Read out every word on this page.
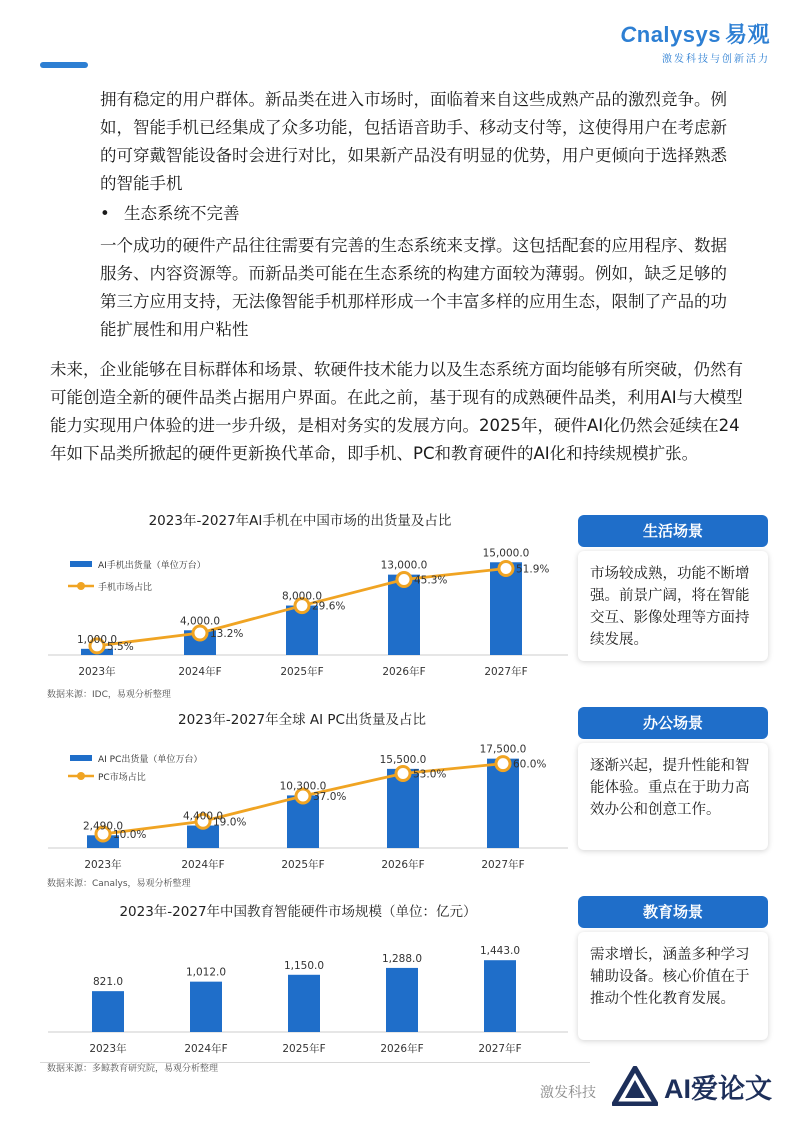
Cnalysys 易观
激发科技与创新活力

拥有稳定的用户群体。新品类在进入市场时，面临着来自这些成熟产品的激烈竞争。例如，智能手机已经集成了众多功能，包括语音助手、移动支付等，这使得用户在考虑新的可穿戴智能设备时会进行对比，如果新产品没有明显的优势，用户更倾向于选择熟悉的智能手机

• 生态系统不完善

一个成功的硬件产品往往需要有完善的生态系统来支撑。这包括配套的应用程序、数据服务、内容资源等。而新品类可能在生态系统的构建方面较为薄弱。例如，缺乏足够的第三方应用支持，无法像智能手机那样形成一个丰富多样的应用生态，限制了产品的功能扩展性和用户粘性

未来，企业能够在目标群体和场景、软硬件技术能力以及生态系统方面均能够有所突破，仍然有可能创造全新的硬件品类占据用户界面。在此之前，基于现有的成熟硬件品类，利用AI与大模型能力实现用户体验的进一步升级，是相对务实的发展方向。2025年，硬件AI化仍然会延续在24年如下品类所掀起的硬件更新换代革命，即手机、PC和教育硬件的AI化和持续规模扩张。

2023年-2027年AI手机在中国市场的出货量及占比
AI手机出货量（单位万台）
手机市场占比
1,000.0
4,000.0
8,000.0
13,000.0
15,000.0
5.5%
13.2%
29.6%
45.3%
51.9%
2023年	2024年F	2025年F	2026年F	2027年F
数据来源：IDC，易观分析整理
2023年-2027年全球 AI PC出货量及占比
AI PC出货量（单位万台）
PC市场占比
2,490.0
4,400.0
10,300.0
15,500.0
17,500.0
10.0%
19.0%
37.0%
53.0%
60.0%
2023年	2024年F	2025年F	2026年F	2027年F
数据来源：Canalys，易观分析整理
2023年-2027年中国教育智能硬件市场规模（单位：亿元）
821.0
1,012.0
1,150.0
1,288.0
1,443.0
2023年	2024年F	2025年F	2026年F	2027年F
数据来源：多鲸教育研究院，易观分析整理
生活场景
市场较成熟，功能不断增强。前景广阔，将在智能交互、影像处理等方面持续发展。
办公场景
逐渐兴起，提升性能和智能体验。重点在于助力高效办公和创意工作。
教育场景
需求增长，涵盖多种学习辅助设备。核心价值在于推动个性化教育发展。
激发科技	AI爱论文
